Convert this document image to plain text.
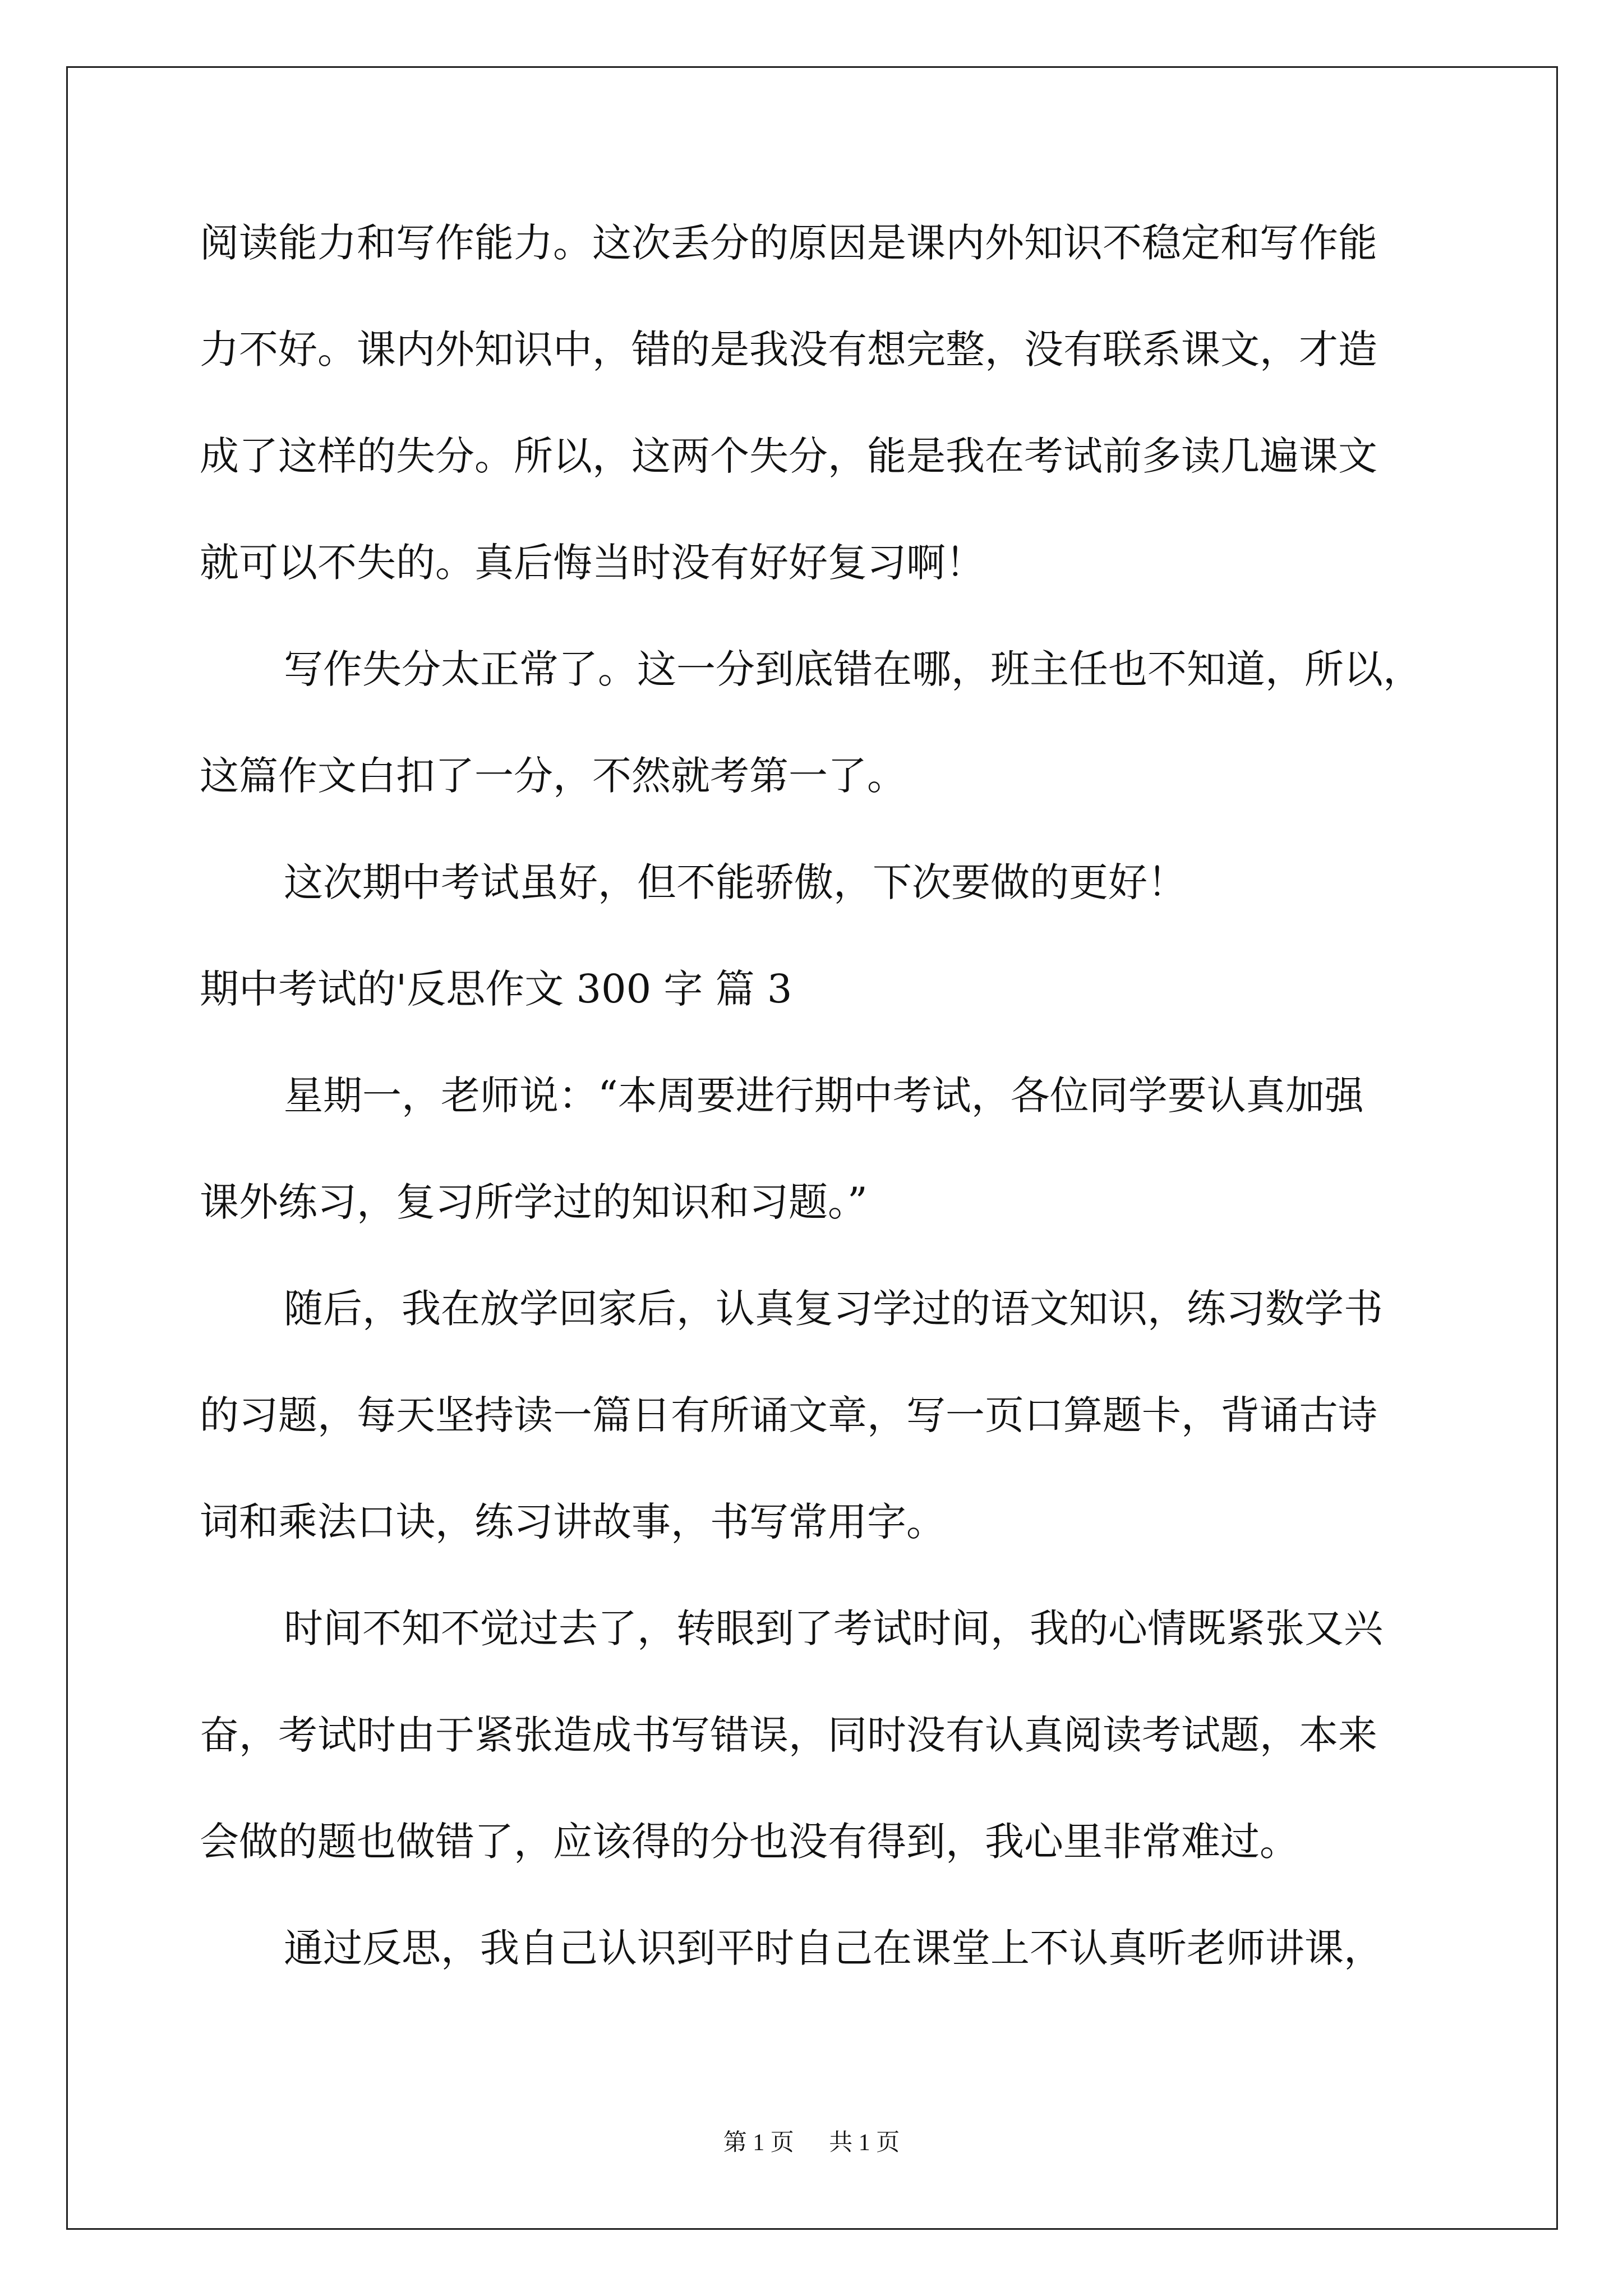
阅读能力和写作能力。这次丢分的原因是课内外知识不稳定和写作能
力不好。课内外知识中，错的是我没有想完整，没有联系课文，才造
成了这样的失分。所以，这两个失分，能是我在考试前多读几遍课文
就可以不失的。真后悔当时没有好好复习啊！
写作失分太正常了。这一分到底错在哪，班主任也不知道，所以，
这篇作文白扣了一分，不然就考第一了。
这次期中考试虽好，但不能骄傲，下次要做的更好！
期中考试的'反思作文 300 字 篇 3
星期一，老师说：“本周要进行期中考试，各位同学要认真加强
课外练习，复习所学过的知识和习题。”
随后，我在放学回家后，认真复习学过的语文知识，练习数学书
的习题，每天坚持读一篇日有所诵文章，写一页口算题卡，背诵古诗
词和乘法口诀，练习讲故事，书写常用字。
时间不知不觉过去了，转眼到了考试时间，我的心情既紧张又兴
奋，考试时由于紧张造成书写错误，同时没有认真阅读考试题，本来
会做的题也做错了，应该得的分也没有得到，我心里非常难过。
通过反思，我自己认识到平时自己在课堂上不认真听老师讲课，
第 1 页 共 1 页
